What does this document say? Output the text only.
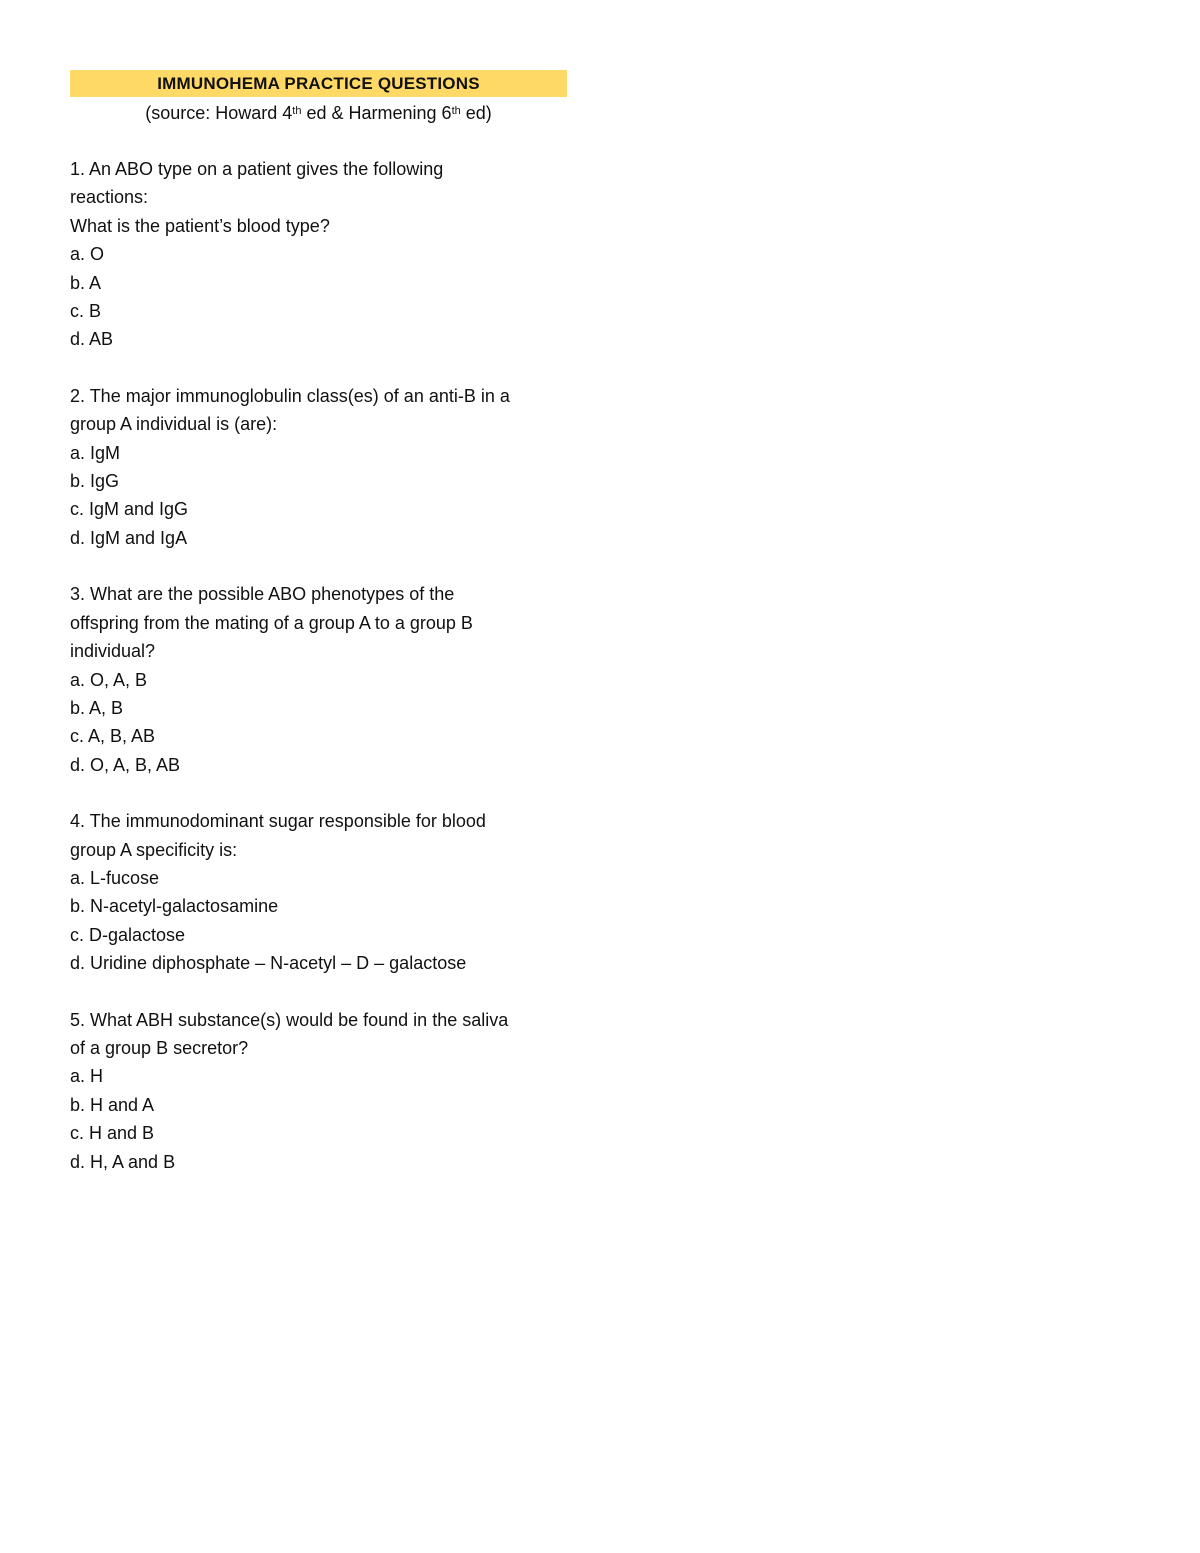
IMMUNOHEMA PRACTICE QUESTIONS
(source: Howard 4th ed & Harmening 6th ed)
1. An ABO type on a patient gives the following
reactions:
What is the patient’s blood type?
a. O
b. A
c. B
d. AB
2. The major immunoglobulin class(es) of an anti-B in a
group A individual is (are):
a. IgM
b. IgG
c. IgM and IgG
d. IgM and IgA
3. What are the possible ABO phenotypes of the
offspring from the mating of a group A to a group B
individual?
a. O, A, B
b. A, B
c. A, B, AB
d. O, A, B, AB
4. The immunodominant sugar responsible for blood
group A specificity is:
a. L-fucose
b. N-acetyl-galactosamine
c. D-galactose
d. Uridine diphosphate – N-acetyl – D – galactose
5. What ABH substance(s) would be found in the saliva
of a group B secretor?
a. H
b. H and A
c. H and B
d. H, A and B
